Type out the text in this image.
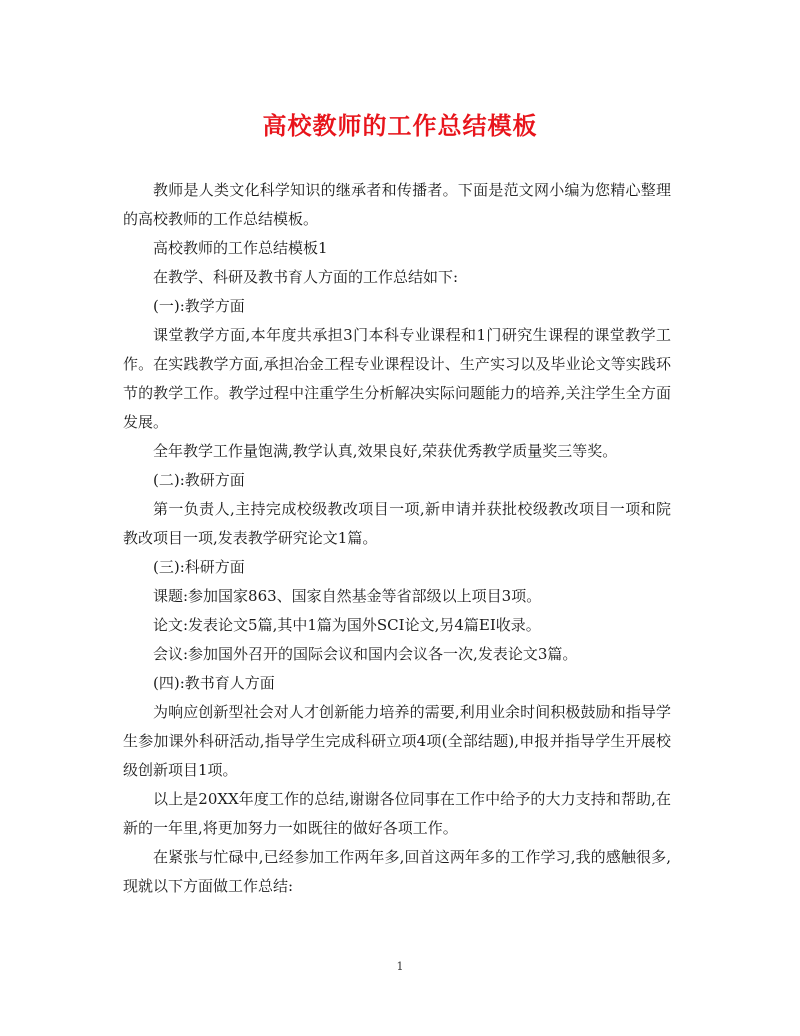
高校教师的工作总结模板

教师是人类文化科学知识的继承者和传播者。下面是范文网小编为您精心整理的高校教师的工作总结模板。

高校教师的工作总结模板1

在教学、科研及教书育人方面的工作总结如下:

(一):教学方面

课堂教学方面,本年度共承担3门本科专业课程和1门研究生课程的课堂教学工作。在实践教学方面,承担冶金工程专业课程设计、生产实习以及毕业论文等实践环节的教学工作。教学过程中注重学生分析解决实际问题能力的培养,关注学生全方面发展。

全年教学工作量饱满,教学认真,效果良好,荣获优秀教学质量奖三等奖。

(二):教研方面

第一负责人,主持完成校级教改项目一项,新申请并获批校级教改项目一项和院教改项目一项,发表教学研究论文1篇。

(三):科研方面

课题:参加国家863、国家自然基金等省部级以上项目3项。

论文:发表论文5篇,其中1篇为国外SCI论文,另4篇EI收录。

会议:参加国外召开的国际会议和国内会议各一次,发表论文3篇。

(四):教书育人方面

为响应创新型社会对人才创新能力培养的需要,利用业余时间积极鼓励和指导学生参加课外科研活动,指导学生完成科研立项4项(全部结题),申报并指导学生开展校级创新项目1项。

以上是20XX年度工作的总结,谢谢各位同事在工作中给予的大力支持和帮助,在新的一年里,将更加努力一如既往的做好各项工作。

在紧张与忙碌中,已经参加工作两年多,回首这两年多的工作学习,我的感触很多,现就以下方面做工作总结:

1
